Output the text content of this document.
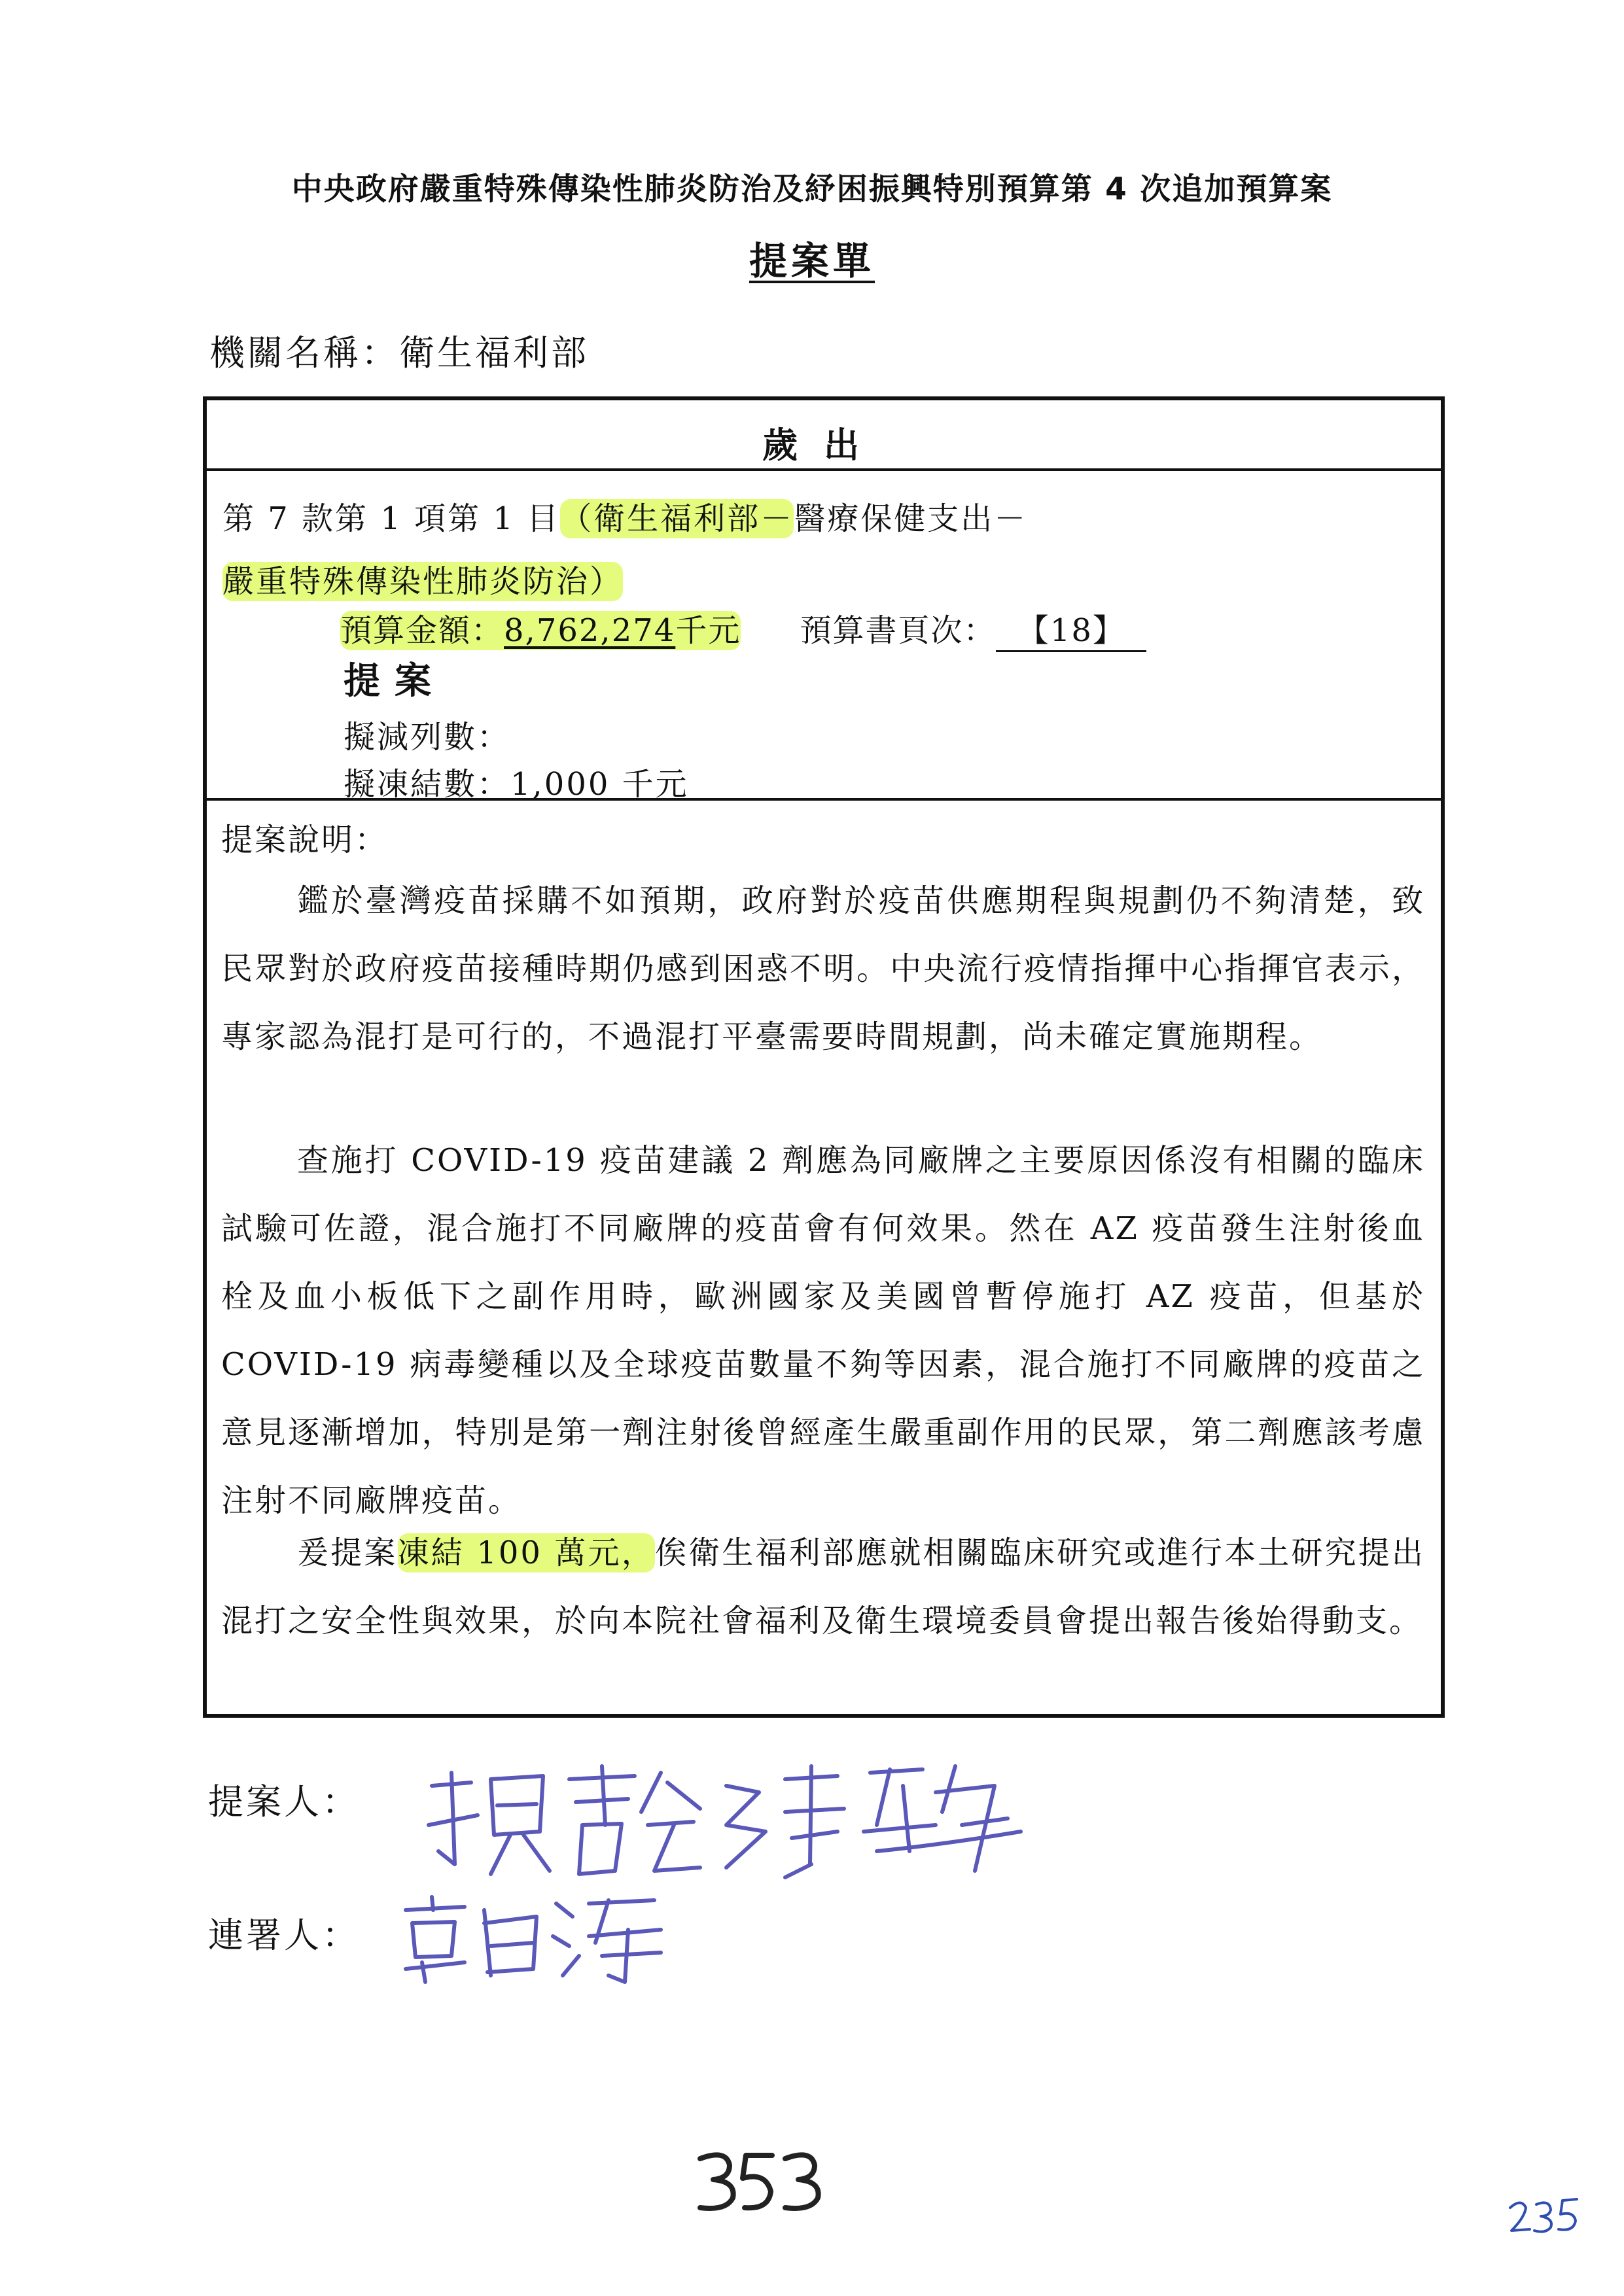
中央政府嚴重特殊傳染性肺炎防治及紓困振興特別預算第 4 次追加預算案
提案單
機關名稱：衛生福利部
歲出
第 7 款第 1 項第 1 目（衛生福利部－醫療保健支出－嚴重特殊傳染性肺炎防治）
預算金額：8,762,274千元 預算書頁次： 【18】
提案
擬減列數：
擬凍結數：1,000 千元
提案說明：

鑑於臺灣疫苗採購不如預期，政府對於疫苗供應期程與規劃仍不夠清楚，致民眾對於政府疫苗接種時期仍感到困惑不明。中央流行疫情指揮中心指揮官表示，專家認為混打是可行的，不過混打平臺需要時間規劃，尚未確定實施期程。

查施打 COVID-19 疫苗建議 2 劑應為同廠牌之主要原因係沒有相關的臨床試驗可佐證，混合施打不同廠牌的疫苗會有何效果。然在 AZ 疫苗發生注射後血栓及血小板低下之副作用時，歐洲國家及美國曾暫停施打 AZ 疫苗，但基於 COVID-19 病毒變種以及全球疫苗數量不夠等因素，混合施打不同廠牌的疫苗之意見逐漸增加，特別是第一劑注射後曾經產生嚴重副作用的民眾，第二劑應該考慮注射不同廠牌疫苗。

爰提案凍結 100 萬元，俟衛生福利部應就相關臨床研究或進行本土研究提出混打之安全性與效果，於向本院社會福利及衛生環境委員會提出報告後始得動支。

提案人：
連署人：
